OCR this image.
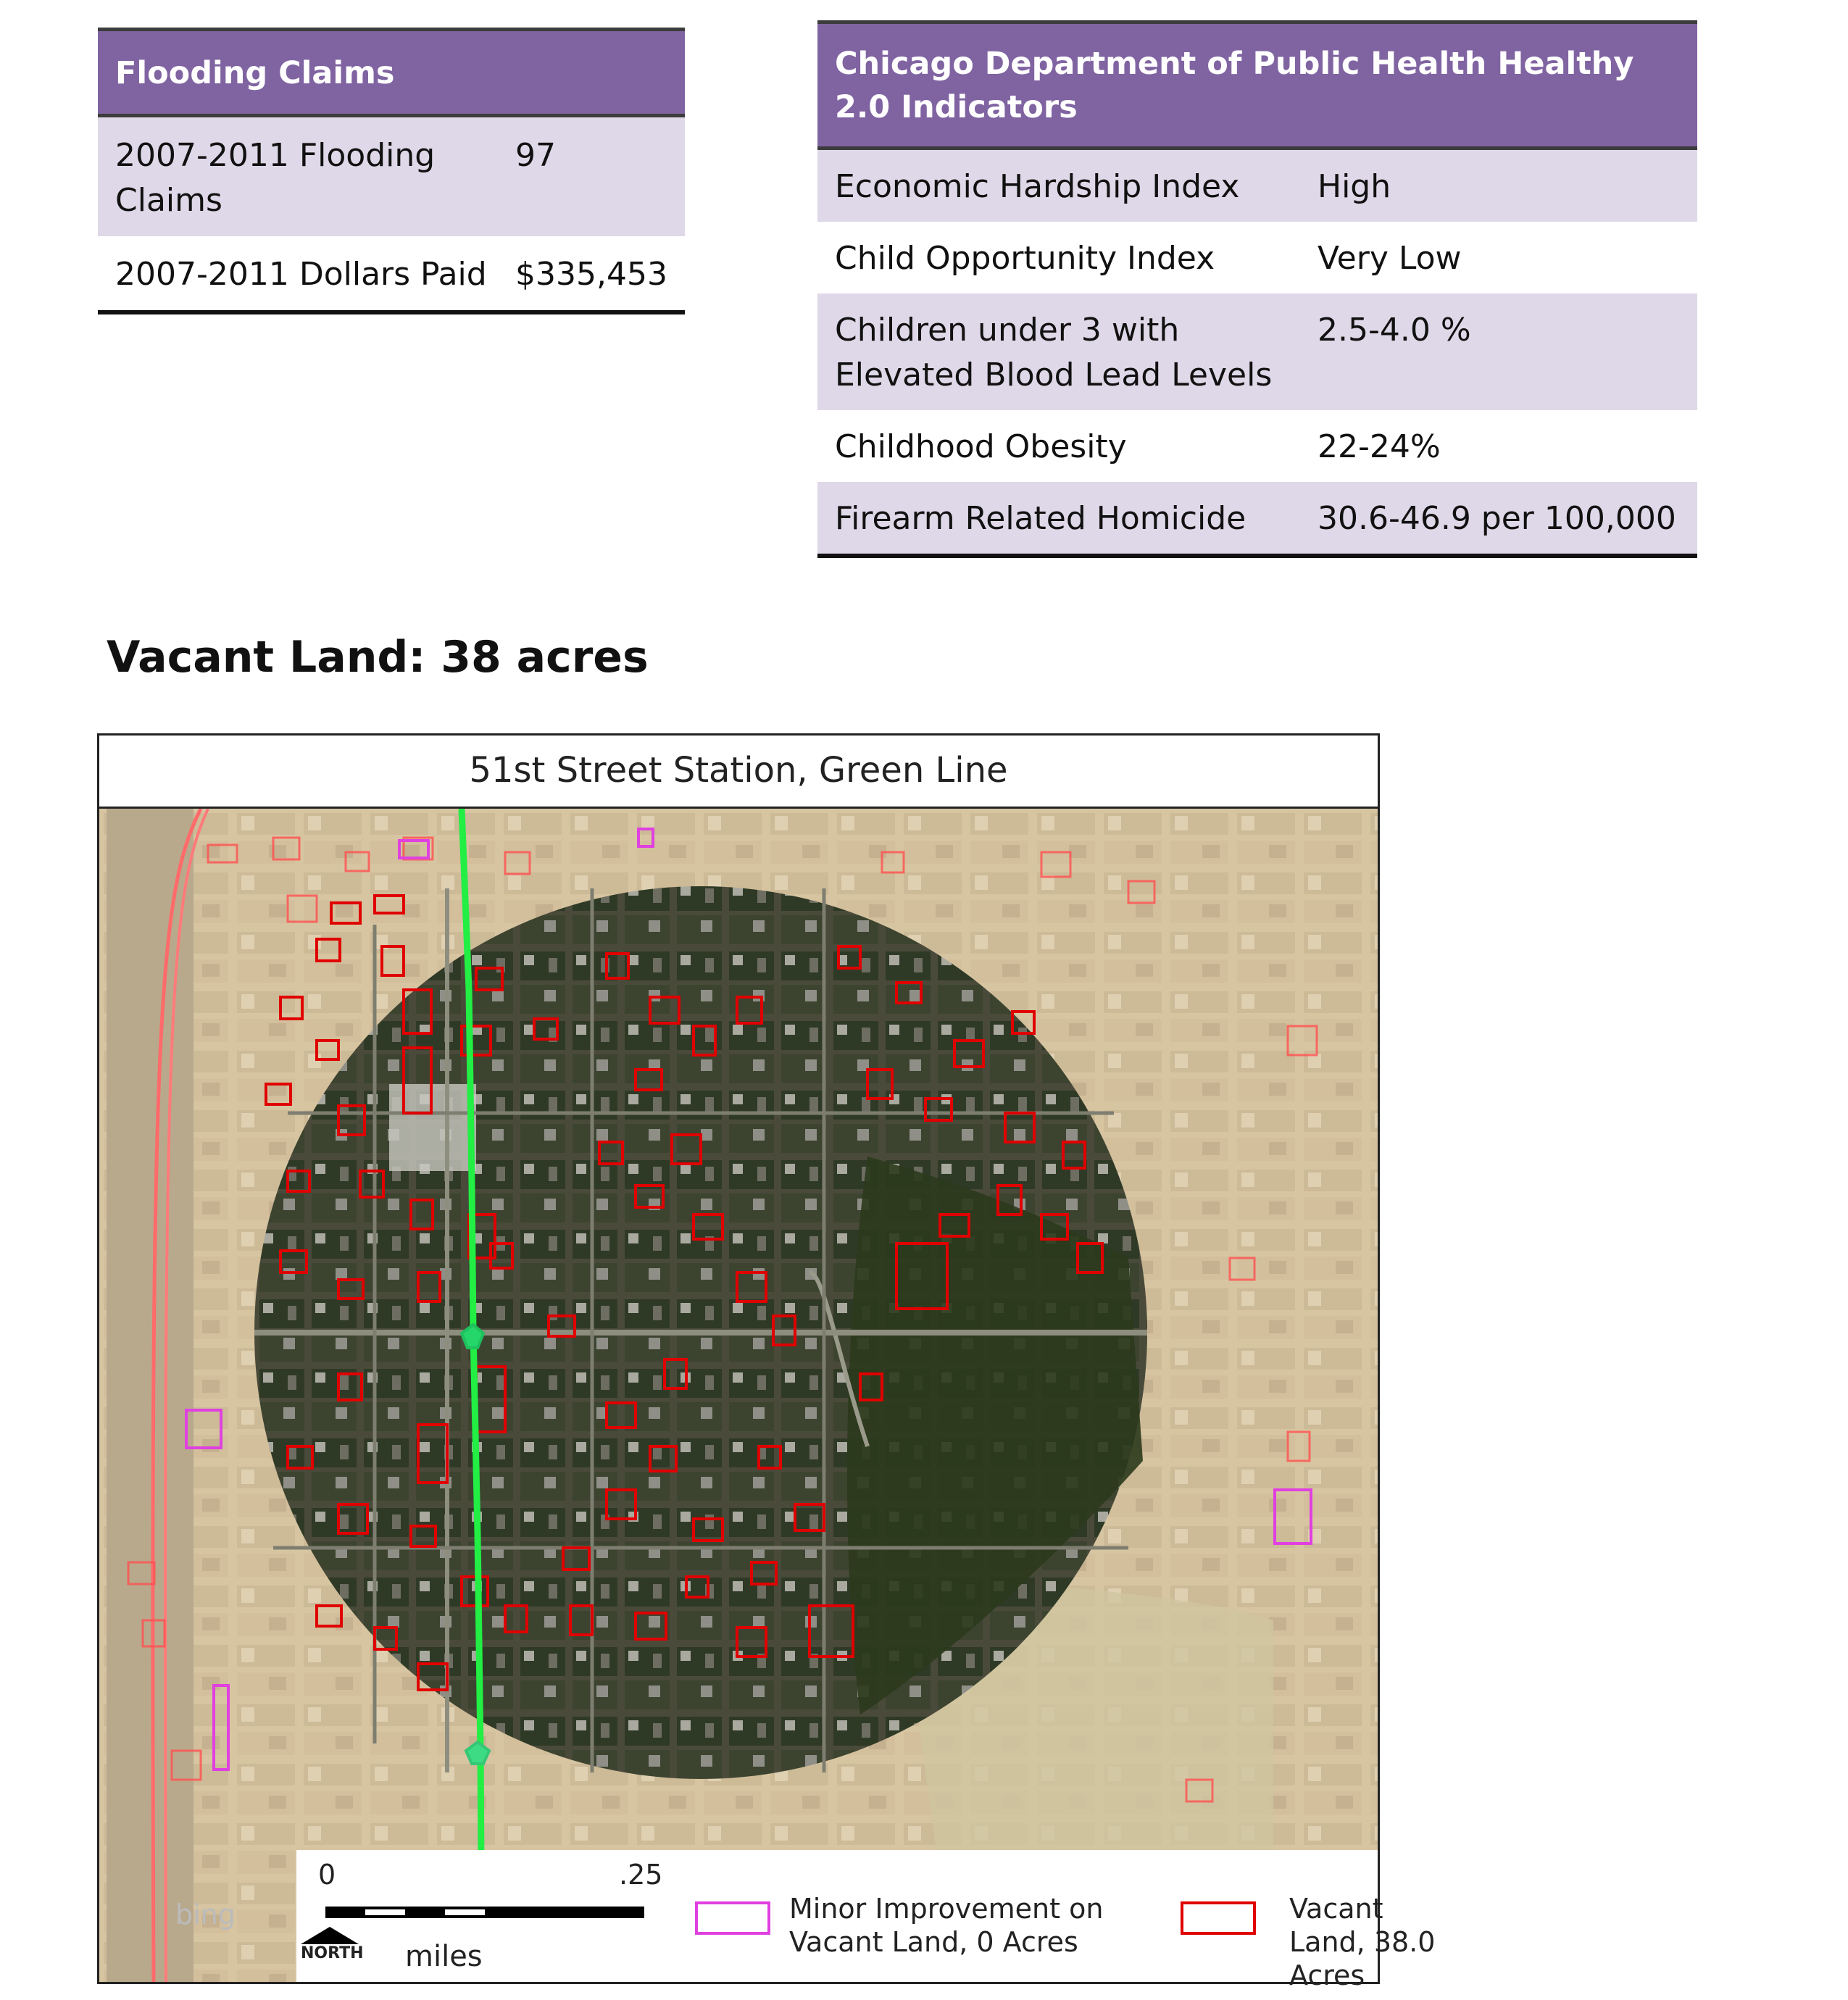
Flooding Claims	
2007-2011 Flooding Claims	97
2007-2011 Dollars Paid	$335,453
Chicago Department of Public Health Healthy 2.0 Indicators	
Economic Hardship Index	High
Child Opportunity Index	Very Low
Children under 3 with Elevated Blood Lead Levels	2.5-4.0 %
Childhood Obesity	22-24%
Firearm Related Homicide	30.6-46.9 per 100,000
Vacant Land: 38 acres
51st Street Station, Green Line
bing
0	.25
NORTH miles
Minor Improvement on Vacant Land, 0 Acres
Vacant Land, 38.0 Acres
